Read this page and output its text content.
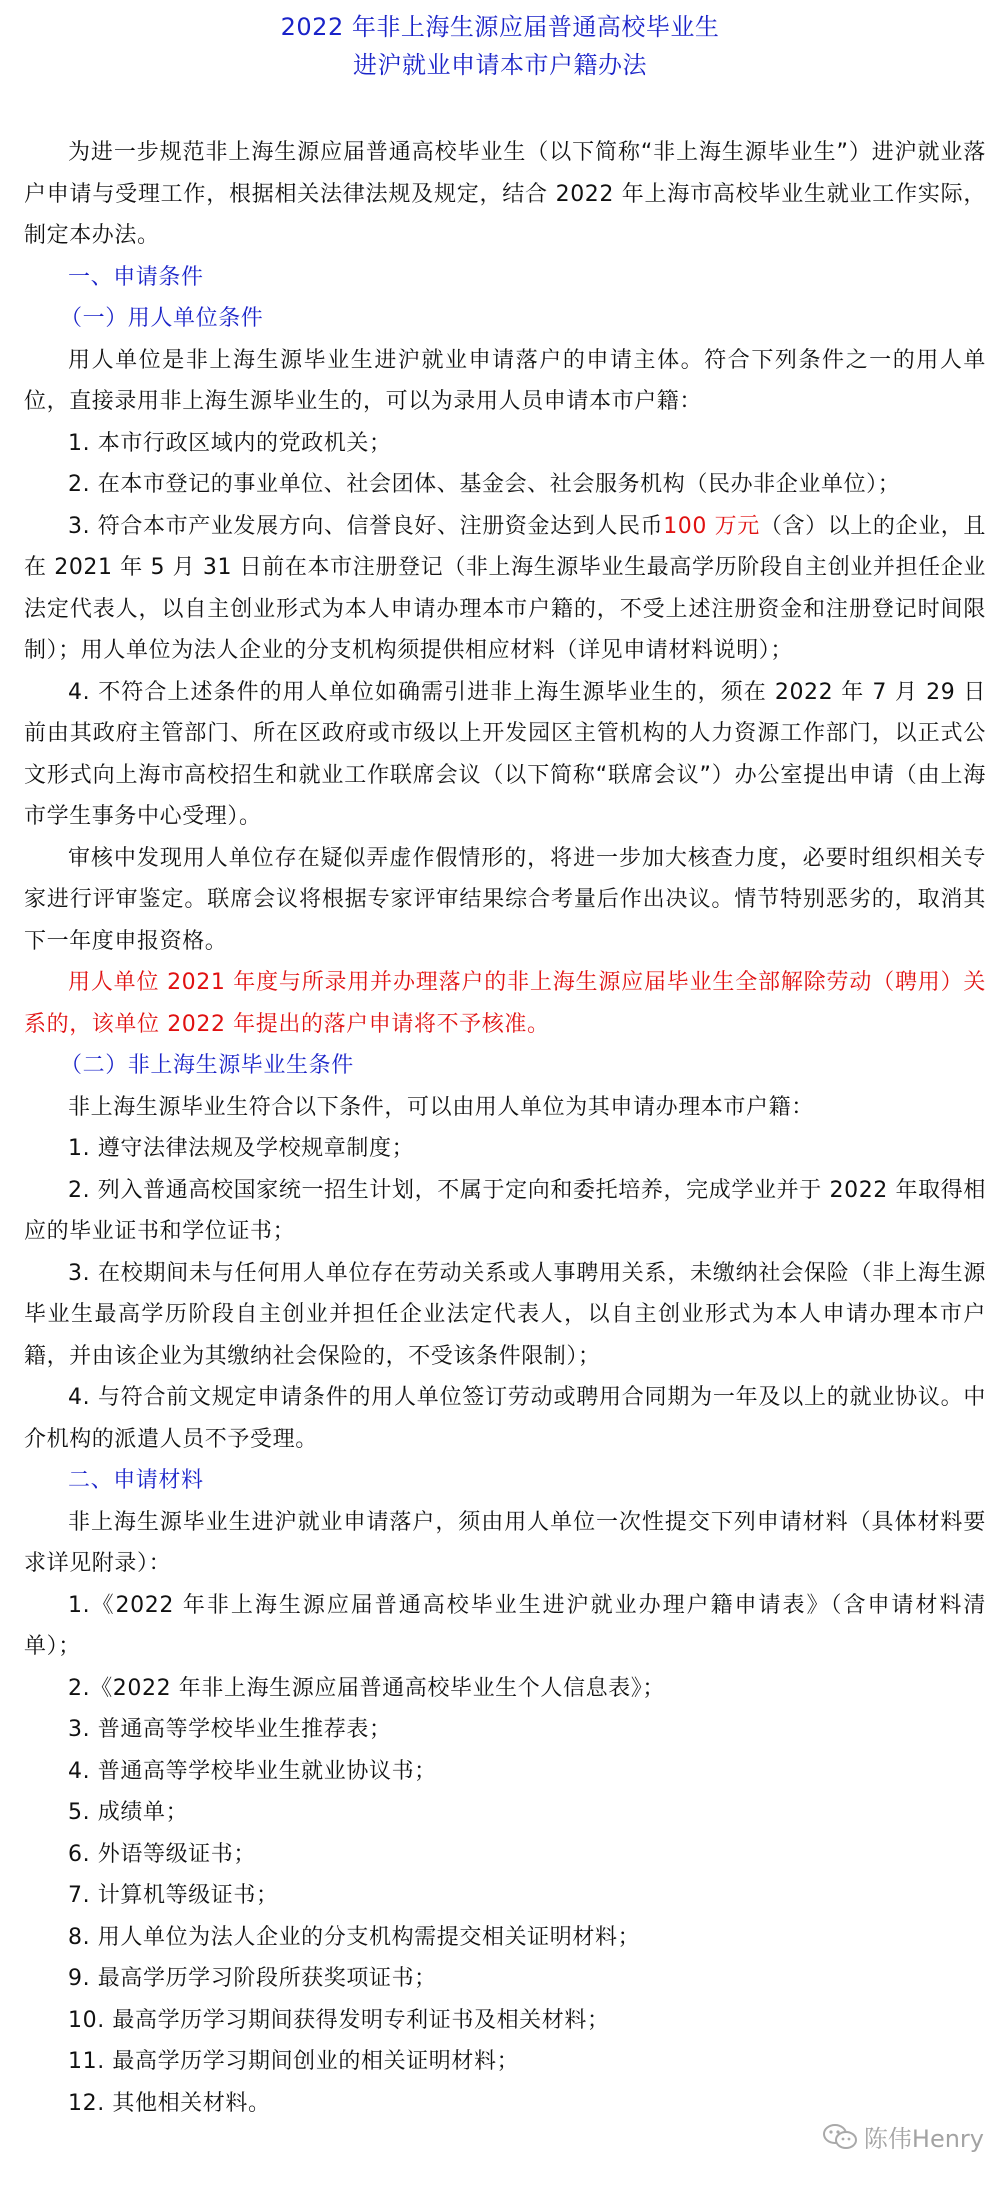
2022 年非上海生源应届普通高校毕业生
进沪就业申请本市户籍办法

为进一步规范非上海生源应届普通高校毕业生（以下简称“非上海生源毕业生”）进沪就业落户申请与受理工作，根据相关法律法规及规定，结合 2022 年上海市高校毕业生就业工作实际，制定本办法。

一、申请条件

（一）用人单位条件

用人单位是非上海生源毕业生进沪就业申请落户的申请主体。符合下列条件之一的用人单位，直接录用非上海生源毕业生的，可以为录用人员申请本市户籍：

1. 本市行政区域内的党政机关；

2. 在本市登记的事业单位、社会团体、基金会、社会服务机构（民办非企业单位）；

3. 符合本市产业发展方向、信誉良好、注册资金达到人民币100 万元（含）以上的企业，且在 2021 年 5 月 31 日前在本市注册登记（非上海生源毕业生最高学历阶段自主创业并担任企业法定代表人，以自主创业形式为本人申请办理本市户籍的，不受上述注册资金和注册登记时间限制）；用人单位为法人企业的分支机构须提供相应材料（详见申请材料说明）；

4. 不符合上述条件的用人单位如确需引进非上海生源毕业生的，须在 2022 年 7 月 29 日前由其政府主管部门、所在区政府或市级以上开发园区主管机构的人力资源工作部门，以正式公文形式向上海市高校招生和就业工作联席会议（以下简称“联席会议”）办公室提出申请（由上海市学生事务中心受理）。

审核中发现用人单位存在疑似弄虚作假情形的，将进一步加大核查力度，必要时组织相关专家进行评审鉴定。联席会议将根据专家评审结果综合考量后作出决议。情节特别恶劣的，取消其下一年度申报资格。

用人单位 2021 年度与所录用并办理落户的非上海生源应届毕业生全部解除劳动（聘用）关系的，该单位 2022 年提出的落户申请将不予核准。

（二）非上海生源毕业生条件

非上海生源毕业生符合以下条件，可以由用人单位为其申请办理本市户籍：

1. 遵守法律法规及学校规章制度；

2. 列入普通高校国家统一招生计划，不属于定向和委托培养，完成学业并于 2022 年取得相应的毕业证书和学位证书；

3. 在校期间未与任何用人单位存在劳动关系或人事聘用关系，未缴纳社会保险（非上海生源毕业生最高学历阶段自主创业并担任企业法定代表人，以自主创业形式为本人申请办理本市户籍，并由该企业为其缴纳社会保险的，不受该条件限制）；

4. 与符合前文规定申请条件的用人单位签订劳动或聘用合同期为一年及以上的就业协议。中介机构的派遣人员不予受理。

二、申请材料

非上海生源毕业生进沪就业申请落户，须由用人单位一次性提交下列申请材料（具体材料要求详见附录）：

1.《2022 年非上海生源应届普通高校毕业生进沪就业办理户籍申请表》（含申请材料清单）；

2.《2022 年非上海生源应届普通高校毕业生个人信息表》；

3. 普通高等学校毕业生推荐表；

4. 普通高等学校毕业生就业协议书；

5. 成绩单；

6. 外语等级证书；

7. 计算机等级证书；

8. 用人单位为法人企业的分支机构需提交相关证明材料；

9. 最高学历学习阶段所获奖项证书；

10. 最高学历学习期间获得发明专利证书及相关材料；

11. 最高学历学习期间创业的相关证明材料；

12. 其他相关材料。

陈伟Henry
